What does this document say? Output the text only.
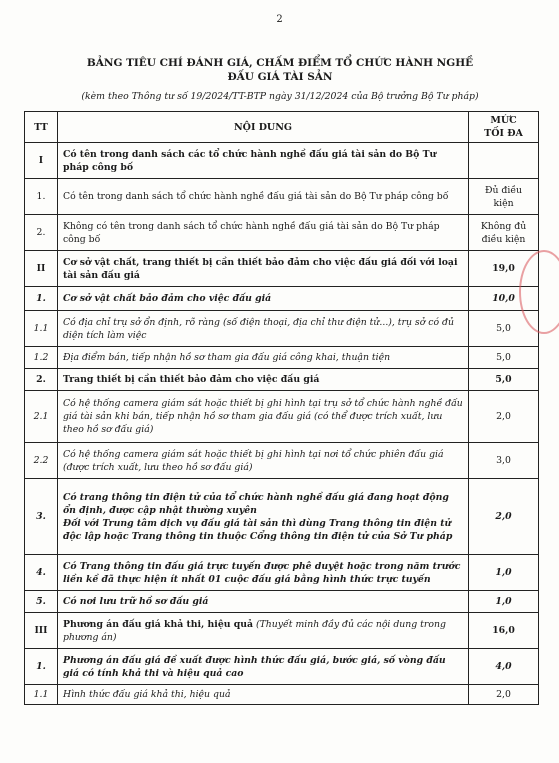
2
BẢNG TIÊU CHÍ ĐÁNH GIÁ, CHẤM ĐIỂM TỔ CHỨC HÀNH NGHỀ
ĐẤU GIÁ TÀI SẢN
(kèm theo Thông tư số 19/2024/TT-BTP ngày 31/12/2024 của Bộ trưởng Bộ Tư pháp)
TT	NỘI DUNG	MỨC
TỐI ĐA

I	Có tên trong danh sách các tổ chức hành nghề đấu giá tài sản do Bộ Tư pháp công bố	
1.	Có tên trong danh sách tổ chức hành nghề đấu giá tài sản do Bộ Tư pháp công bố	Đủ điều kiện
2.	Không có tên trong danh sách tổ chức hành nghề đấu giá tài sản do Bộ Tư pháp công bố	Không đủ điều kiện
II	Cơ sở vật chất, trang thiết bị cần thiết bảo đảm cho việc đấu giá đối với loại tài sản đấu giá	19,0
1.	Cơ sở vật chất bảo đảm cho việc đấu giá	10,0
1.1	Có địa chỉ trụ sở ổn định, rõ ràng (số điện thoại, địa chỉ thư điện tử...), trụ sở có đủ diện tích làm việc	5,0
1.2	Địa điểm bán, tiếp nhận hồ sơ tham gia đấu giá công khai, thuận tiện	5,0
2.	Trang thiết bị cần thiết bảo đảm cho việc đấu giá	5,0
2.1	Có hệ thống camera giám sát hoặc thiết bị ghi hình tại trụ sở tổ chức hành nghề đấu giá tài sản khi bán, tiếp nhận hồ sơ tham gia đấu giá (có thể được trích xuất, lưu theo hồ sơ đấu giá)	2,0
2.2	Có hệ thống camera giám sát hoặc thiết bị ghi hình tại nơi tổ chức phiên đấu giá (được trích xuất, lưu theo hồ sơ đấu giá)	3,0
3.	Có trang thông tin điện tử của tổ chức hành nghề đấu giá đang hoạt động ổn định, được cập nhật thường xuyên
Đối với Trung tâm dịch vụ đấu giá tài sản thì dùng Trang thông tin điện tử độc lập hoặc Trang thông tin thuộc Cổng thông tin điện tử của Sở Tư pháp	2,0
4.	Có Trang thông tin đấu giá trực tuyến được phê duyệt hoặc trong năm trước liền kề đã thực hiện ít nhất 01 cuộc đấu giá bằng hình thức trực tuyến	1,0
5.	Có nơi lưu trữ hồ sơ đấu giá	1,0
III	Phương án đấu giá khả thi, hiệu quả (Thuyết minh đầy đủ các nội dung trong phương án)	16,0
1.	Phương án đấu giá đề xuất được hình thức đấu giá, bước giá, số vòng đấu giá có tính khả thi và hiệu quả cao	4,0
1.1	Hình thức đấu giá khả thi, hiệu quả	2,0
